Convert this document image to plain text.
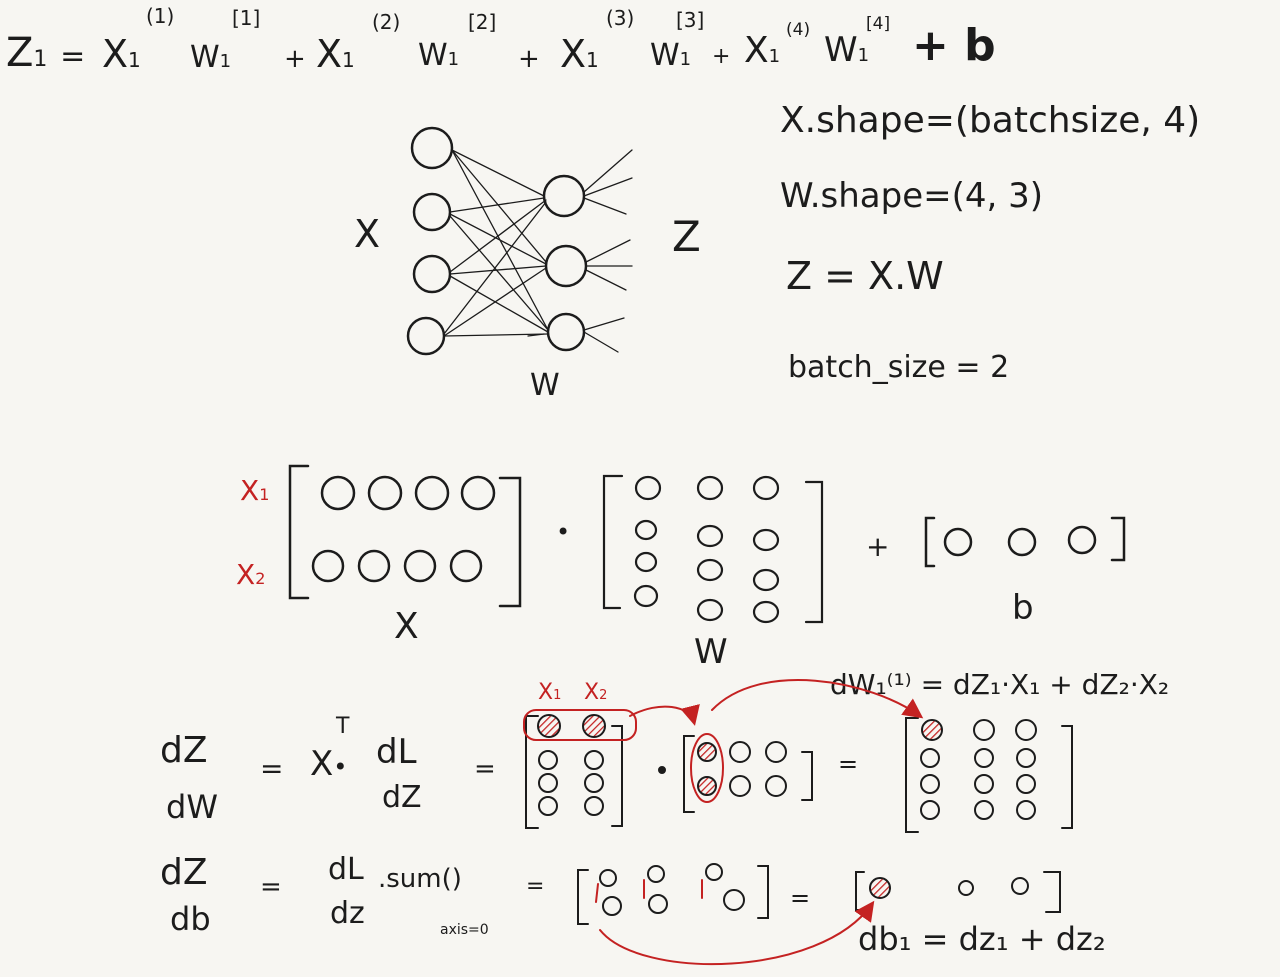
Z1 = X1
(1)	[1]
W1 + X1
(2)	[2]
W1 + X1
(3) [3]
W1 + X1
(4)	[4]
W1 + b
X.shape=(batchsize, 4)
W.shape=(4, 3)
Z = X.W
batch_size = 2
X	Z
W
X1
X2
X
•
W
+
b
dZ
dW
= X•
T
dL
dZ
=
X1 X2
=
dW₁⁽¹⁾ = dZ₁·X₁ + dZ₂·X₂
dZ
db
= dL
dz
.sum()
axis=0
=	=
db₁ = dz₁ + dz₂
